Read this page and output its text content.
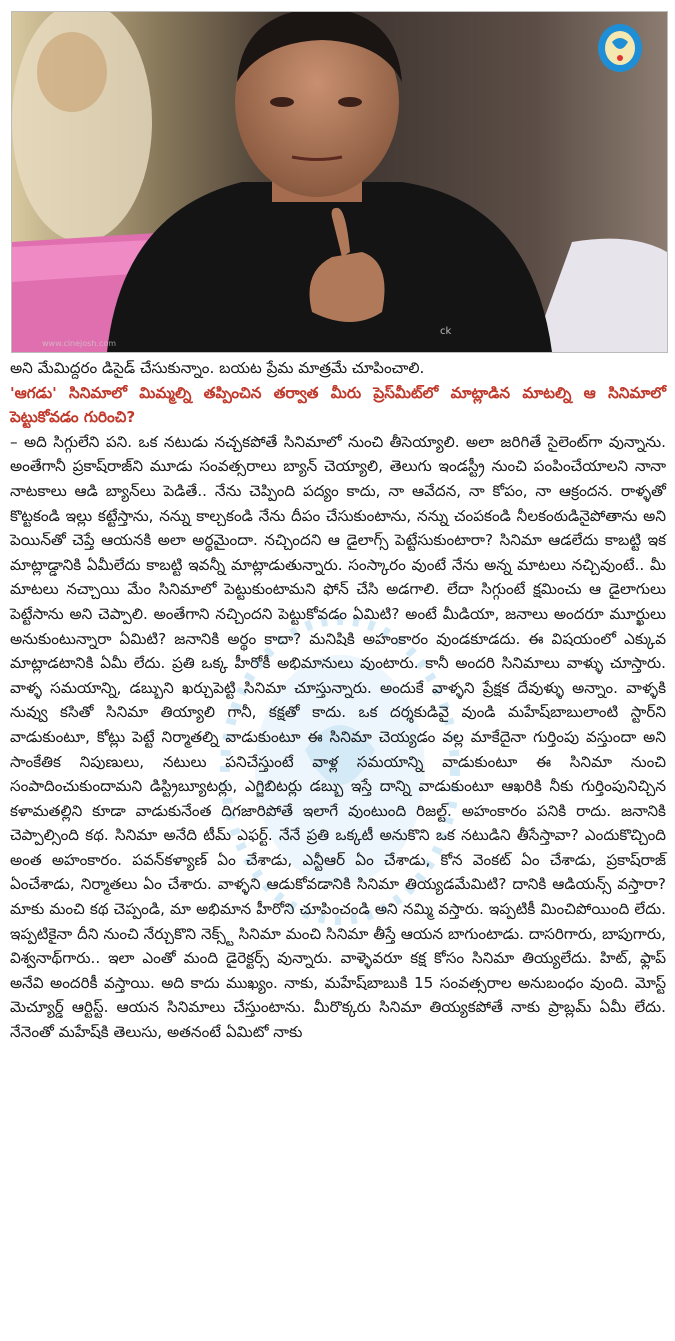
ck
www.cinejosh.com

అని మేమిద్దరం డిసైడ్ చేసుకున్నాం. బయట ప్రేమ మాత్రమే చూపించాలి.

'ఆగడు' సినిమాలో మిమ్మల్ని తప్పించిన తర్వాత మీరు ప్రెస్‌మీట్‌లో మాట్లాడిన మాటల్ని ఆ సినిమాలో పెట్టుకోవడం గురించి?

– అది సిగ్గులేని పని. ఒక నటుడు నచ్చకపోతే సినిమాలో నుంచి తీసెయ్యాలి. అలా జరిగితే సైలెంట్‌గా వున్నాను. అంతేగానీ ప్రకాష్‌రాజ్‌ని మూడు సంవత్సరాలు బ్యాన్ చెయ్యాలి, తెలుగు ఇండస్ట్రీ నుంచి పంపించేయాలని నానా నాటకాలు ఆడి బ్యాన్‌లు పెడితే.. నేను చెప్పింది పద్యం కాదు, నా ఆవేదన, నా కోపం, నా ఆక్రందన. రాళ్ళతో కొట్టకండి ఇల్లు కట్టేస్తాను, నన్ను కాల్చకండి నేను దీపం చేసుకుంటాను, నన్ను చంపకండి నీలకంఠుడినైపోతాను అని పెయిన్‌తో చెప్తే ఆయనకి అలా అర్థమైందా. నచ్చిందని ఆ డైలాగ్స్ పెట్టేసుకుంటారా? సినిమా ఆడలేదు కాబట్టి ఇక మాట్లాడ్డానికి ఏమీలేదు కాబట్టి ఇవన్నీ మాట్లాడుతున్నారు. సంస్కారం వుంటే నేను అన్న మాటలు నచ్చివుంటే.. మీ మాటలు నచ్చాయి మేం సినిమాలో పెట్టుకుంటామని ఫోన్ చేసి అడగాలి. లేదా సిగ్గుంటే క్షమించు ఆ డైలాగులు పెట్టేసాను అని చెప్పాలి. అంతేగాని నచ్చిందని పెట్టుకోవడం ఏమిటి? అంటే మీడియా, జనాలు అందరూ మూర్ఖులు అనుకుంటున్నారా ఏమిటి? జనానికి అర్థం కాదా? మనిషికి అహంకారం వుండకూడదు. ఈ విషయంలో ఎక్కువ మాట్లాడటానికి ఏమీ లేదు. ప్రతి ఒక్క హీరోకీ అభిమానులు వుంటారు. కానీ అందరి సినిమాలు వాళ్ళు చూస్తారు. వాళ్ళ సమయాన్ని, డబ్బుని ఖర్చుపెట్టి సినిమా చూస్తున్నారు. అందుకే వాళ్ళని ప్రేక్షక దేవుళ్ళు అన్నాం. వాళ్ళకి నువ్వు కసితో సినిమా తియ్యాలి గానీ, కక్షతో కాదు. ఒక దర్శకుడివై వుండి మహేష్‌బాబులాంటి స్టార్‌ని వాడుకుంటూ, కోట్లు పెట్టే నిర్మాతల్ని వాడుకుంటూ ఈ సినిమా చెయ్యడం వల్ల మాకేదైనా గుర్తింపు వస్తుందా అని సాంకేతిక నిపుణులు, నటులు పనిచేస్తుంటే వాళ్ల సమయాన్ని వాడుకుంటూ ఈ సినిమా నుంచి సంపాదించుకుందామని డిస్ట్రిబ్యూటర్లు, ఎగ్జిబిటర్లు డబ్బు ఇస్తే దాన్ని వాడుకుంటూ ఆఖరికి నీకు గుర్తింపునిచ్చిన కళామతల్లిని కూడా వాడుకునేంత దిగజారిపోతే ఇలాగే వుంటుంది రిజల్ట్. అహంకారం పనికి రాదు. జనానికి చెప్పాల్సింది కథ. సినిమా అనేది టీమ్ ఎఫర్ట్. నేనే ప్రతి ఒక్కటీ అనుకొని ఒక నటుడిని తీసేస్తావా? ఎందుకొచ్చింది అంత అహంకారం. పవన్‌కళ్యాణ్ ఏం చేశాడు, ఎన్టీఆర్ ఏం చేశాడు, కోన వెంకట్ ఏం చేశాడు, ప్రకాష్‌రాజ్ ఏంచేశాడు, నిర్మాతలు ఏం చేశారు. వాళ్ళని ఆడుకోవడానికి సినిమా తియ్యడమేమిటి? దానికి ఆడియన్స్ వస్తారా? మాకు మంచి కథ చెప్పండి, మా అభిమాన హీరోని చూపించండి అని నమ్మి వస్తారు. ఇప్పటికీ మించిపోయింది లేదు. ఇప్పటికైనా దీని నుంచి నేర్చుకొని నెక్స్ట్ సినిమా మంచి సినిమా తీస్తే ఆయన బాగుంటాడు. దాసరిగారు, బాపుగారు, విశ్వనాథ్‌గారు.. ఇలా ఎంతో మంది డైరెక్టర్స్ వున్నారు. వాళ్ళెవరూ కక్ష కోసం సినిమా తియ్యలేదు. హిట్, ఫ్లాప్ అనేవి అందరికీ వస్తాయి. అది కాదు ముఖ్యం. నాకు, మహేష్‌బాబుకి 15 సంవత్సరాల అనుబంధం వుంది. మోస్ట్ మెచ్యూర్డ్ ఆర్టిస్ట్. ఆయన సినిమాలు చేస్తుంటాను. మీరొక్కరు సినిమా తియ్యకపోతే నాకు ప్రాబ్లమ్ ఏమీ లేదు. నేనెంతో మహేష్‌కి తెలుసు, అతనంటే ఏమిటో నాకు
